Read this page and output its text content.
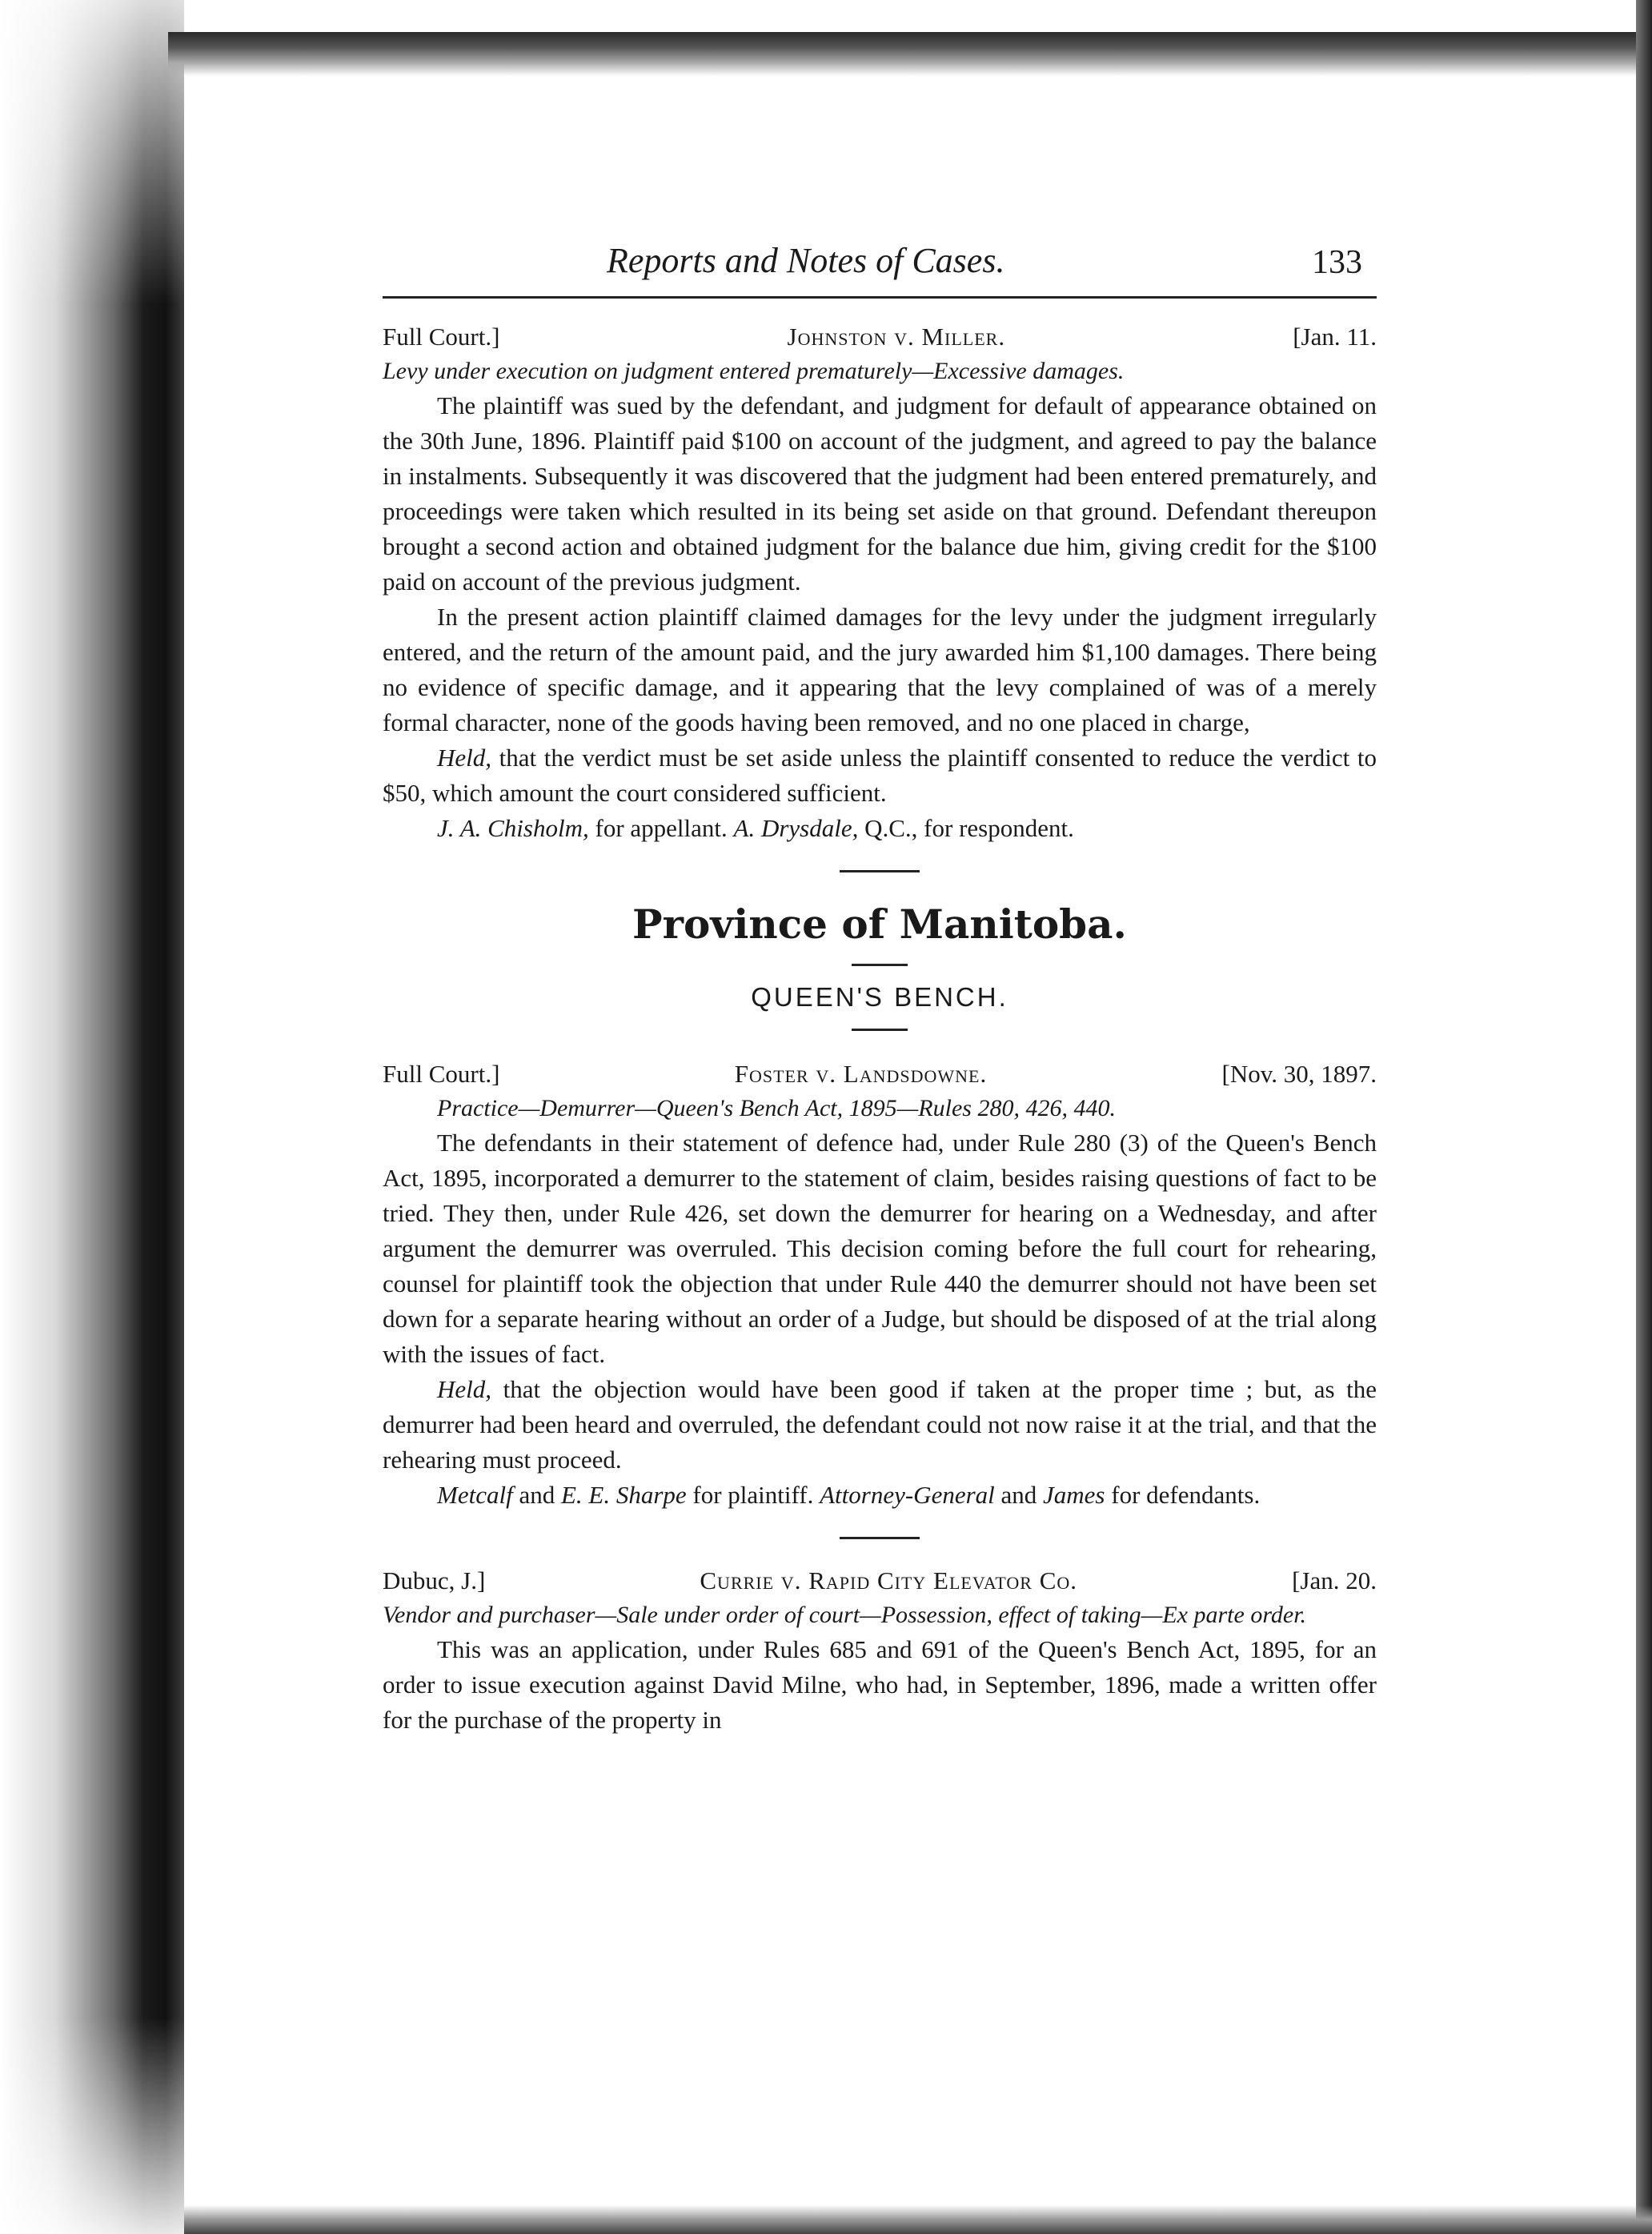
Reports and Notes of Cases.	133
Full Court.]	Johnston v. Miller.	[Jan. 11.
Levy under execution on judgment entered prematurely—Excessive damages.

The plaintiff was sued by the defendant, and judgment for default of appearance obtained on the 30th June, 1896. Plaintiff paid $100 on account of the judgment, and agreed to pay the balance in instalments. Subsequently it was discovered that the judgment had been entered prematurely, and proceedings were taken which resulted in its being set aside on that ground. Defendant thereupon brought a second action and obtained judgment for the balance due him, giving credit for the $100 paid on account of the previous judgment.

In the present action plaintiff claimed damages for the levy under the judgment irregularly entered, and the return of the amount paid, and the jury awarded him $1,100 damages. There being no evidence of specific damage, and it appearing that the levy complained of was of a merely formal character, none of the goods having been removed, and no one placed in charge,

Held, that the verdict must be set aside unless the plaintiff consented to reduce the verdict to $50, which amount the court considered sufficient.

J. A. Chisholm, for appellant. A. Drysdale, Q.C., for respondent.

Province of Manitoba.
QUEEN'S BENCH.
Full Court.]	Foster v. Landsdowne.	[Nov. 30, 1897.
Practice—Demurrer—Queen's Bench Act, 1895—Rules 280, 426, 440.

The defendants in their statement of defence had, under Rule 280 (3) of the Queen's Bench Act, 1895, incorporated a demurrer to the statement of claim, besides raising questions of fact to be tried. They then, under Rule 426, set down the demurrer for hearing on a Wednesday, and after argument the demurrer was overruled. This decision coming before the full court for rehearing, counsel for plaintiff took the objection that under Rule 440 the demurrer should not have been set down for a separate hearing without an order of a Judge, but should be disposed of at the trial along with the issues of fact.

Held, that the objection would have been good if taken at the proper time ; but, as the demurrer had been heard and overruled, the defendant could not now raise it at the trial, and that the rehearing must proceed.

Metcalf and E. E. Sharpe for plaintiff. Attorney-General and James for defendants.

Dubuc, J.]	Currie v. Rapid City Elevator Co.	[Jan. 20.
Vendor and purchaser—Sale under order of court—Possession, effect of taking—Ex parte order.

This was an application, under Rules 685 and 691 of the Queen's Bench Act, 1895, for an order to issue execution against David Milne, who had, in September, 1896, made a written offer for the purchase of the property in
